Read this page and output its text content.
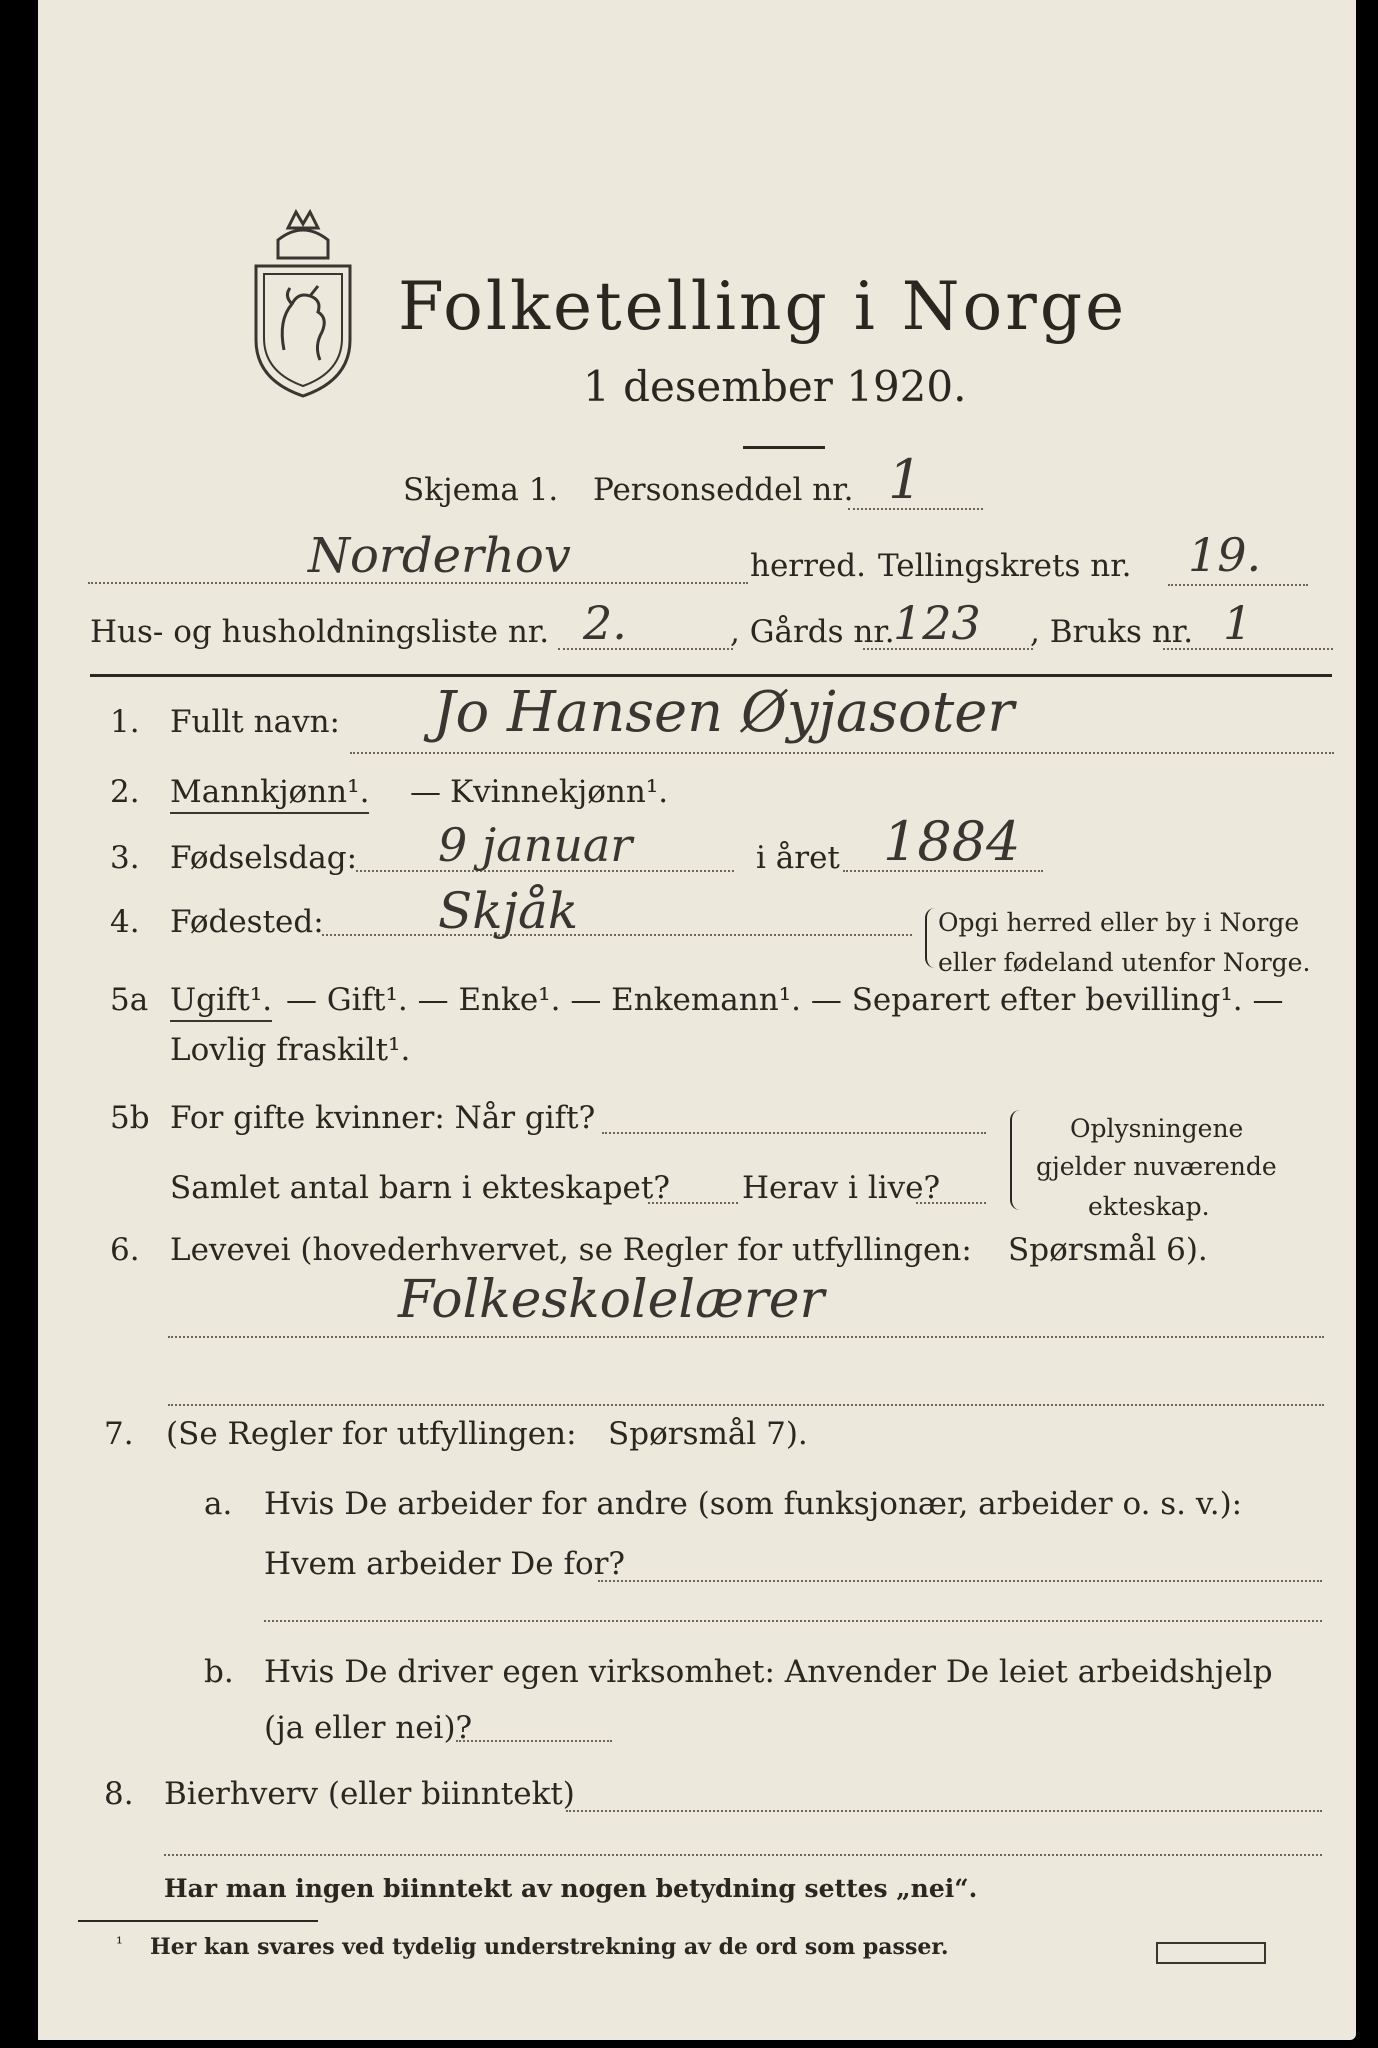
Folketelling i Norge
1 desember 1920.
Skjema 1. Personseddel nr. 1
Norderhov	herred. Tellingskrets nr. 19.
Hus- og husholdningsliste nr. 2.	, Gårds nr.
123 , Bruks nr. 1
1. Fullt navn: Jo Hansen Øyjasoter
2. Mannkjønn¹. — Kvinnekjønn¹.
3. Fødselsdag: 9 januar	i året 1884
4. Fødested: Skjåk	Opgi herred eller by i Norge
eller fødeland utenfor Norge.
5a Ugift¹. — Gift¹. — Enke¹. — Enkemann¹. — Separert efter bevilling¹. —
Lovlig fraskilt¹.
5b For gifte kvinner: Når gift?
Samlet antal barn i ekteskapet? Herav i live?
Oplysningene
gjelder nuværende
ekteskap.
6. Levevei (hovederhvervet, se Regler for utfyllingen: Spørsmål 6).
Folkeskolelærer
7. (Se Regler for utfyllingen: Spørsmål 7).
a. Hvis De arbeider for andre (som funksjonær, arbeider o. s. v.):
Hvem arbeider De for?
b. Hvis De driver egen virksomhet: Anvender De leiet arbeidshjelp
(ja eller nei)?
8. Bierhverv (eller biinntekt)
Har man ingen biinntekt av nogen betydning settes „nei“.
¹ Her kan svares ved tydelig understrekning av de ord som passer.
